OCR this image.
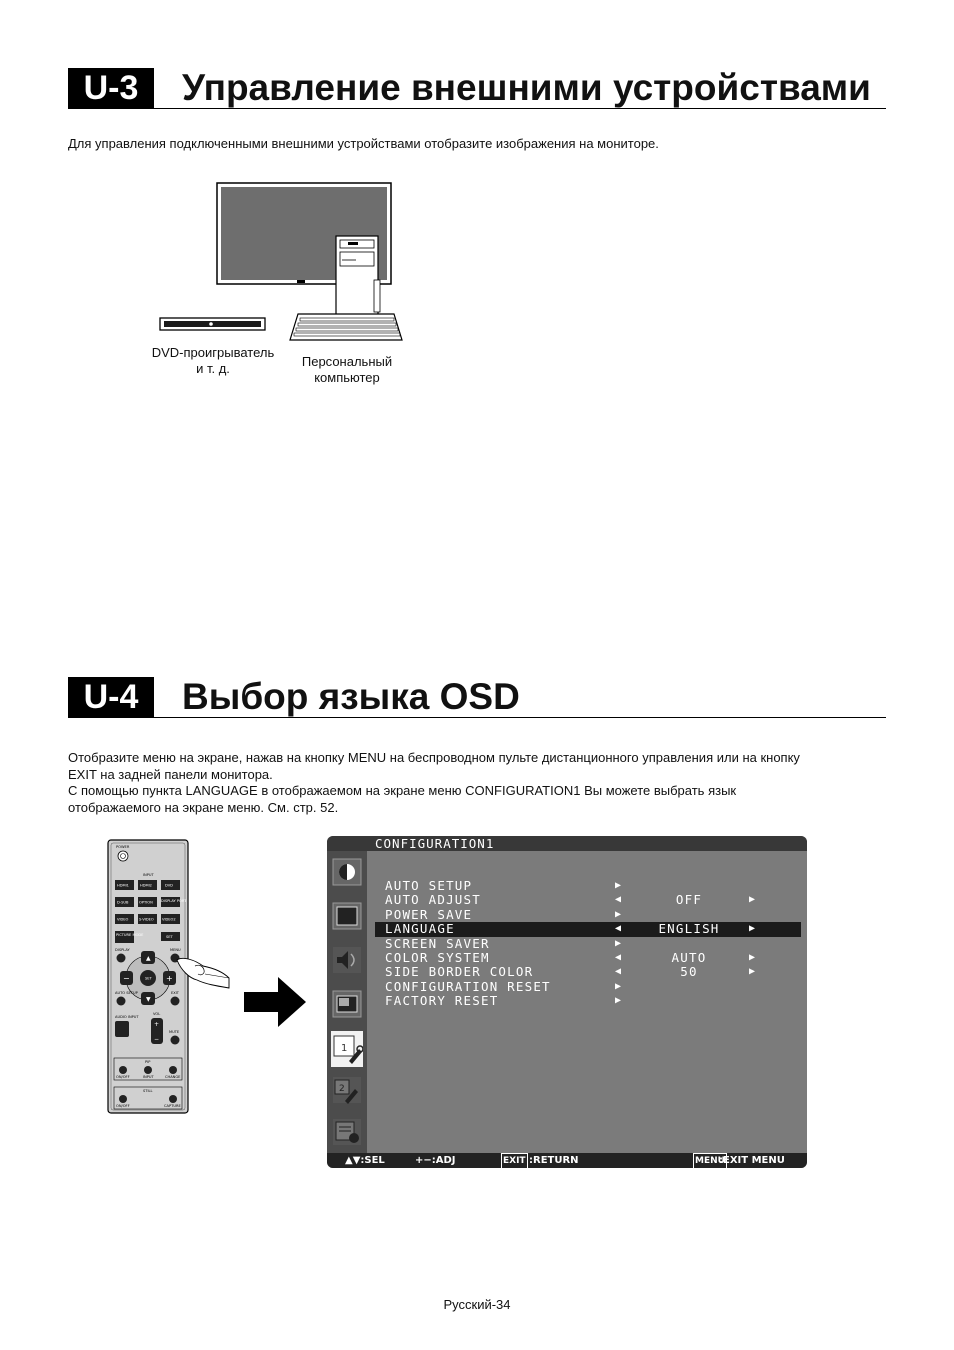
U-3	Управление внешними устройствами
Для управления подключенными внешними устройствами отобразите изображения на мониторе.
DVD-проигрыватель
и т. д.	Персональный
компьютер
U-4	Выбор языка OSD
Отобразите меню на экране, нажав на кнопку MENU на беспроводном пульте дистанционного управления или на кнопку
EXIT на задней панели монитора.
С помощью пункта LANGUAGE в отображаемом на экране меню CONFIGURATION1 Вы можете выбрать язык
отображаемого на экране меню. См. стр. 52.
POWER
INPUT
HDMI1	HDMI2	DVD
D-SUB	OPTION DISPLAY PORT
VIDEO	S-VIDEO VIDEO2
PICTURE MODE	SET
DISPLAY	MENU
SET
▲
▼
−	+
AUTO SETUP	EXIT
AUDIO INPUT
VOL
+
−
MUTE
PIP
ON/OFF	INPUT	CHANGE
STILL
ON/OFF	CAPTURE
CONFIGURATION1
1
2
AUTO SETUP	▶
AUTO ADJUST	◀	OFF	▶
POWER SAVE	▶
LANGUAGE	◀	ENGLISH	▶
SCREEN SAVER	▶
COLOR SYSTEM	◀	AUTO	▶
SIDE BORDER COLOR	◀	50	▶
CONFIGURATION RESET	▶
FACTORY RESET	▶
▲▼:SEL	+−:ADJ	EXIT :RETURN	MENU
:EXIT MENU
Русский-34
